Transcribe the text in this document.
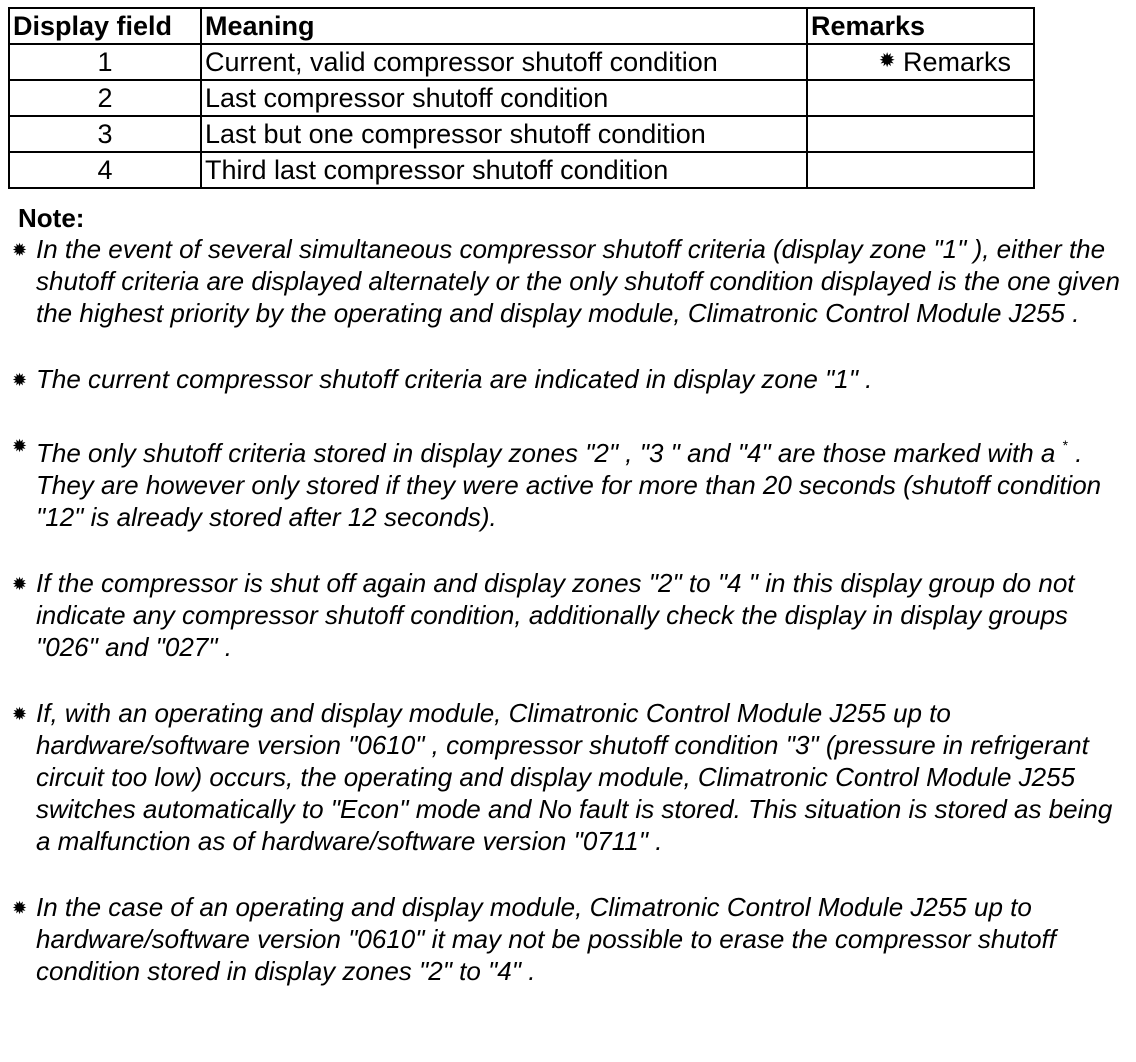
Display field	Meaning	Remarks
1	Current, valid compressor shutoff condition	✹ Remarks
2	Last compressor shutoff condition	
3	Last but one compressor shutoff condition	
4	Third last compressor shutoff condition	

Note:

✹ In the event of several simultaneous compressor shutoff criteria (display zone "1" ), either the shutoff criteria are displayed alternately or the only shutoff condition displayed is the one given the highest priority by the operating and display module, Climatronic Control Module J255 .
✹ The current compressor shutoff criteria are indicated in display zone "1" .
✹ The only shutoff criteria stored in display zones "2" , "3 " and "4" are those marked with a * . They are however only stored if they were active for more than 20 seconds (shutoff condition "12" is already stored after 12 seconds).
✹ If the compressor is shut off again and display zones "2" to "4 " in this display group do not indicate any compressor shutoff condition, additionally check the display in display groups "026" and "027" .
✹ If, with an operating and display module, Climatronic Control Module J255 up to hardware/software version "0610" , compressor shutoff condition "3" (pressure in refrigerant circuit too low) occurs, the operating and display module, Climatronic Control Module J255 switches automatically to "Econ" mode and No fault is stored. This situation is stored as being a malfunction as of hardware/software version "0711" .
✹ In the case of an operating and display module, Climatronic Control Module J255 up to hardware/software version "0610" it may not be possible to erase the compressor shutoff condition stored in display zones "2" to "4" .
